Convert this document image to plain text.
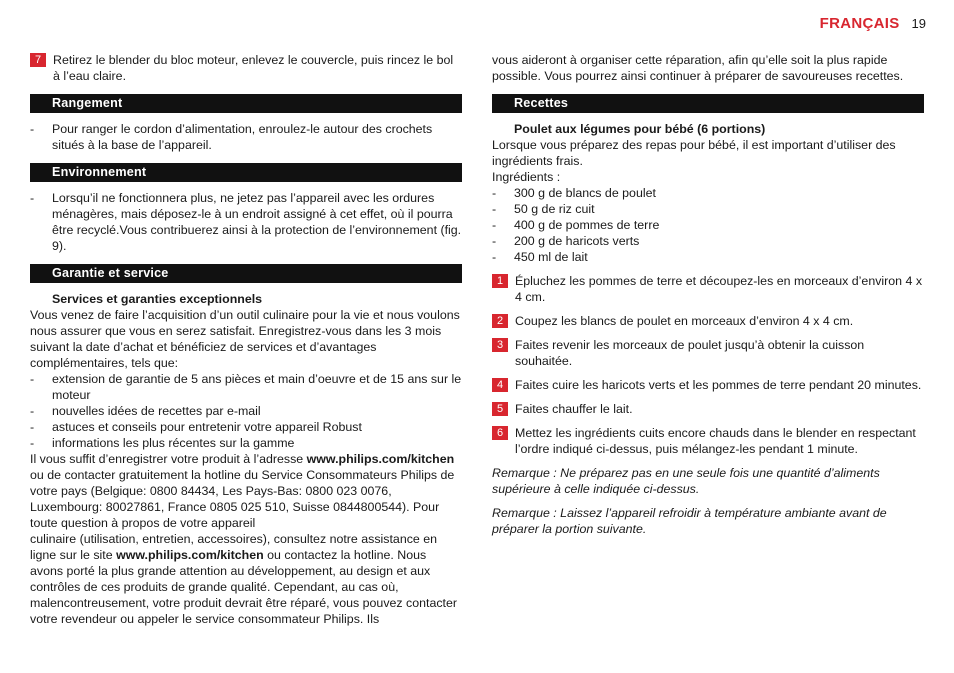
FRANÇAIS 19
7 Retirez le blender du bloc moteur, enlevez le couvercle, puis rincez le bol à l’eau claire.
Rangement
-	Pour ranger le cordon d’alimentation, enroulez-le autour des crochets situés à la base de l’appareil.
Environnement
-	Lorsqu’il ne fonctionnera plus, ne jetez pas l’appareil avec les ordures ménagères, mais déposez-le à un endroit assigné à cet effet, où il pourra être recyclé.Vous contribuerez ainsi à la protection de l’environnement (fig. 9).
Garantie et service

Services et garanties exceptionnels

Vous venez de faire l’acquisition d’un outil culinaire pour la vie et nous voulons nous assurer que vous en serez satisfait. Enregistrez-vous dans les 3 mois suivant la date d’achat et bénéficiez de services et d’avantages complémentaires, tels que:

-	extension de garantie de 5 ans pièces et main d’oeuvre et de 15 ans sur le moteur
-	nouvelles idées de recettes par e-mail
-	astuces et conseils pour entretenir votre appareil Robust
-	informations les plus récentes sur la gamme

Il vous suffit d’enregistrer votre produit à l’adresse www.philips.com/kitchen ou de contacter gratuitement la hotline du Service Consommateurs Philips de votre pays (Belgique: 0800 84434, Les Pays-Bas: 0800 023 0076, Luxembourg: 80027861, France 0805 025 510, Suisse 0844800544). Pour toute question à propos de votre appareil

culinaire (utilisation, entretien, accessoires), consultez notre assistance en ligne sur le site www.philips.com/kitchen ou contactez la hotline. Nous avons porté la plus grande attention au développement, au design et aux contrôles de ces produits de grande qualité. Cependant, au cas où, malencontreusement, votre produit devrait être réparé, vous pouvez contacter votre revendeur ou appeler le service consommateur Philips. Ils

vous aideront à organiser cette réparation, afin qu’elle soit la plus rapide possible. Vous pourrez ainsi continuer à préparer de savoureuses recettes.

Recettes

Poulet aux légumes pour bébé (6 portions)

Lorsque vous préparez des repas pour bébé, il est important d’utiliser des ingrédients frais.

Ingrédients :

-	300 g de blancs de poulet
-	50 g de riz cuit
-	400 g de pommes de terre
-	200 g de haricots verts
-	450 ml de lait
1 Épluchez les pommes de terre et découpez-les en morceaux d’environ 4 x 4 cm.
2 Coupez les blancs de poulet en morceaux d’environ 4 x 4 cm.
3 Faites revenir les morceaux de poulet jusqu’à obtenir la cuisson souhaitée.
4 Faites cuire les haricots verts et les pommes de terre pendant 20 minutes.
5 Faites chauffer le lait.
6 Mettez les ingrédients cuits encore chauds dans le blender en respectant l’ordre indiqué ci-dessus, puis mélangez-les pendant 1 minute.

Remarque : Ne préparez pas en une seule fois une quantité d’aliments supérieure à celle indiquée ci-dessus.

Remarque : Laissez l’appareil refroidir à température ambiante avant de préparer la portion suivante.
